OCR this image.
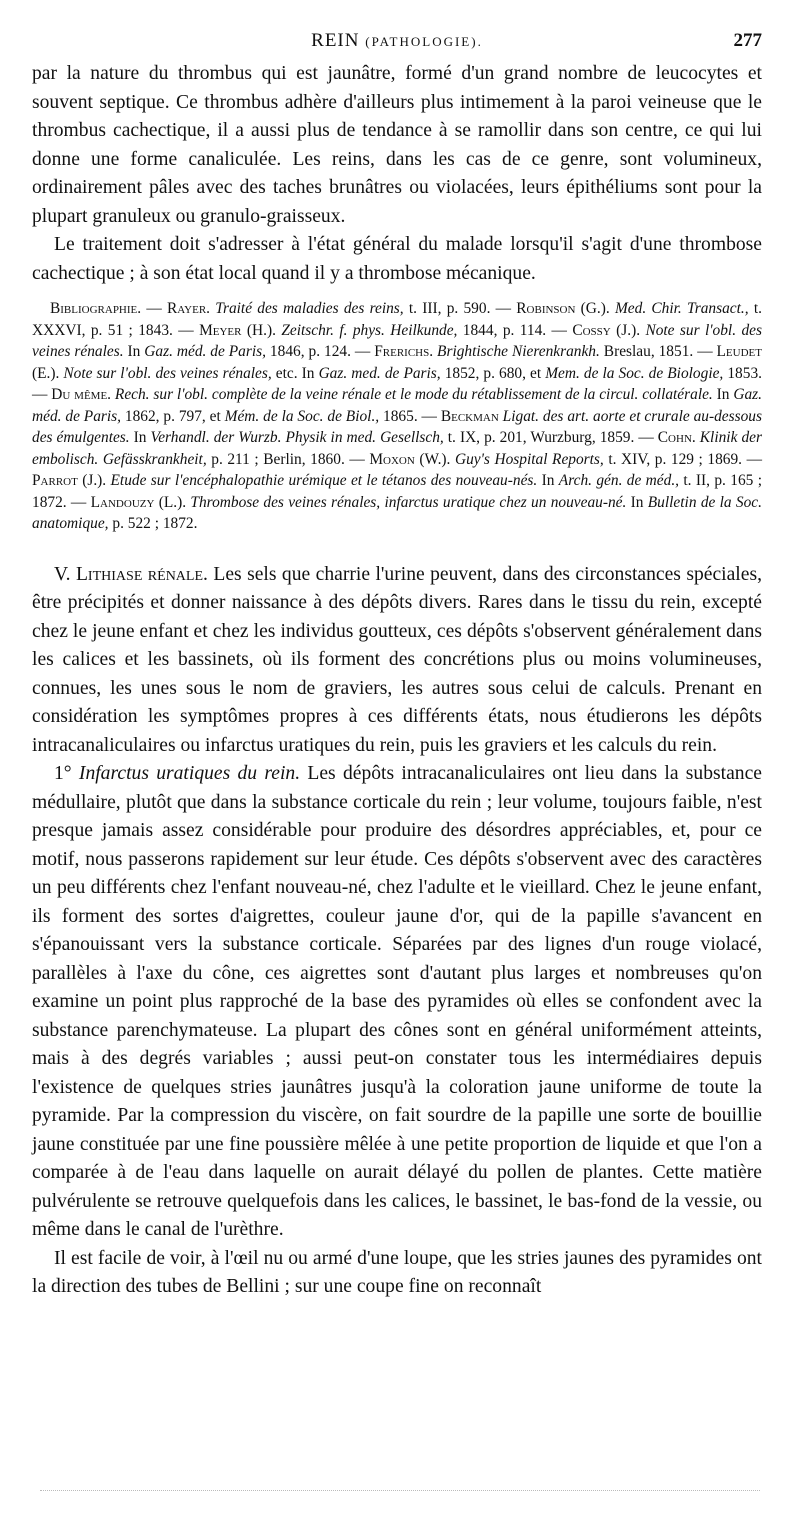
REIN (PATHOLOGIE).	277

par la nature du thrombus qui est jaunâtre, formé d'un grand nombre de leucocytes et souvent septique. Ce thrombus adhère d'ailleurs plus intimement à la paroi veineuse que le thrombus cachectique, il a aussi plus de tendance à se ramollir dans son centre, ce qui lui donne une forme canaliculée. Les reins, dans les cas de ce genre, sont volumineux, ordinairement pâles avec des taches brunâtres ou violacées, leurs épithéliums sont pour la plupart granuleux ou granulo-graisseux.

Le traitement doit s'adresser à l'état général du malade lorsqu'il s'agit d'une thrombose cachectique ; à son état local quand il y a thrombose mécanique.

Bibliographie. — Rayer. Traité des maladies des reins, t. III, p. 590. — Robinson (G.). Med. Chir. Transact., t. XXXVI, p. 51 ; 1843. — Meyer (H.). Zeitschr. f. phys. Heilkunde, 1844, p. 114. — Cossy (J.). Note sur l'obl. des veines rénales. In Gaz. méd. de Paris, 1846, p. 124. — Frerichs. Brightische Nierenkrankh. Breslau, 1851. — Leudet (E.). Note sur l'obl. des veines rénales, etc. In Gaz. med. de Paris, 1852, p. 680, et Mem. de la Soc. de Biologie, 1853. — Du même. Rech. sur l'obl. complète de la veine rénale et le mode du rétablissement de la circul. collatérale. In Gaz. méd. de Paris, 1862, p. 797, et Mém. de la Soc. de Biol., 1865. — Beckman Ligat. des art. aorte et crurale au-dessous des émulgentes. In Verhandl. der Wurzb. Physik in med. Gesellsch, t. IX, p. 201, Wurzburg, 1859. — Cohn. Klinik der embolisch. Gefässkrankheit, p. 211 ; Berlin, 1860. — Moxon (W.). Guy's Hospital Reports, t. XIV, p. 129 ; 1869. — Parrot (J.). Etude sur l'encéphalopathie urémique et le tétanos des nouveau-nés. In Arch. gén. de méd., t. II, p. 165 ; 1872. — Landouzy (L.). Thrombose des veines rénales, infarctus uratique chez un nouveau-né. In Bulletin de la Soc. anatomique, p. 522 ; 1872.

V. Lithiase rénale. Les sels que charrie l'urine peuvent, dans des circonstances spéciales, être précipités et donner naissance à des dépôts divers. Rares dans le tissu du rein, excepté chez le jeune enfant et chez les individus goutteux, ces dépôts s'observent généralement dans les calices et les bassinets, où ils forment des concrétions plus ou moins volumineuses, connues, les unes sous le nom de graviers, les autres sous celui de calculs. Prenant en considération les symptômes propres à ces différents états, nous étudierons les dépôts intracanaliculaires ou infarctus uratiques du rein, puis les graviers et les calculs du rein.

1° Infarctus uratiques du rein. Les dépôts intracanaliculaires ont lieu dans la substance médullaire, plutôt que dans la substance corticale du rein ; leur volume, toujours faible, n'est presque jamais assez considérable pour produire des désordres appréciables, et, pour ce motif, nous passerons rapidement sur leur étude. Ces dépôts s'observent avec des caractères un peu différents chez l'enfant nouveau-né, chez l'adulte et le vieillard. Chez le jeune enfant, ils forment des sortes d'aigrettes, couleur jaune d'or, qui de la papille s'avancent en s'épanouissant vers la substance corticale. Séparées par des lignes d'un rouge violacé, parallèles à l'axe du cône, ces aigrettes sont d'autant plus larges et nombreuses qu'on examine un point plus rapproché de la base des pyramides où elles se confondent avec la substance parenchymateuse. La plupart des cônes sont en général uniformément atteints, mais à des degrés variables ; aussi peut-on constater tous les intermédiaires depuis l'existence de quelques stries jaunâtres jusqu'à la coloration jaune uniforme de toute la pyramide. Par la compression du viscère, on fait sourdre de la papille une sorte de bouillie jaune constituée par une fine poussière mêlée à une petite proportion de liquide et que l'on a comparée à de l'eau dans laquelle on aurait délayé du pollen de plantes. Cette matière pulvérulente se retrouve quelquefois dans les calices, le bassinet, le bas-fond de la vessie, ou même dans le canal de l'urèthre.

Il est facile de voir, à l'œil nu ou armé d'une loupe, que les stries jaunes des pyramides ont la direction des tubes de Bellini ; sur une coupe fine on reconnaît
